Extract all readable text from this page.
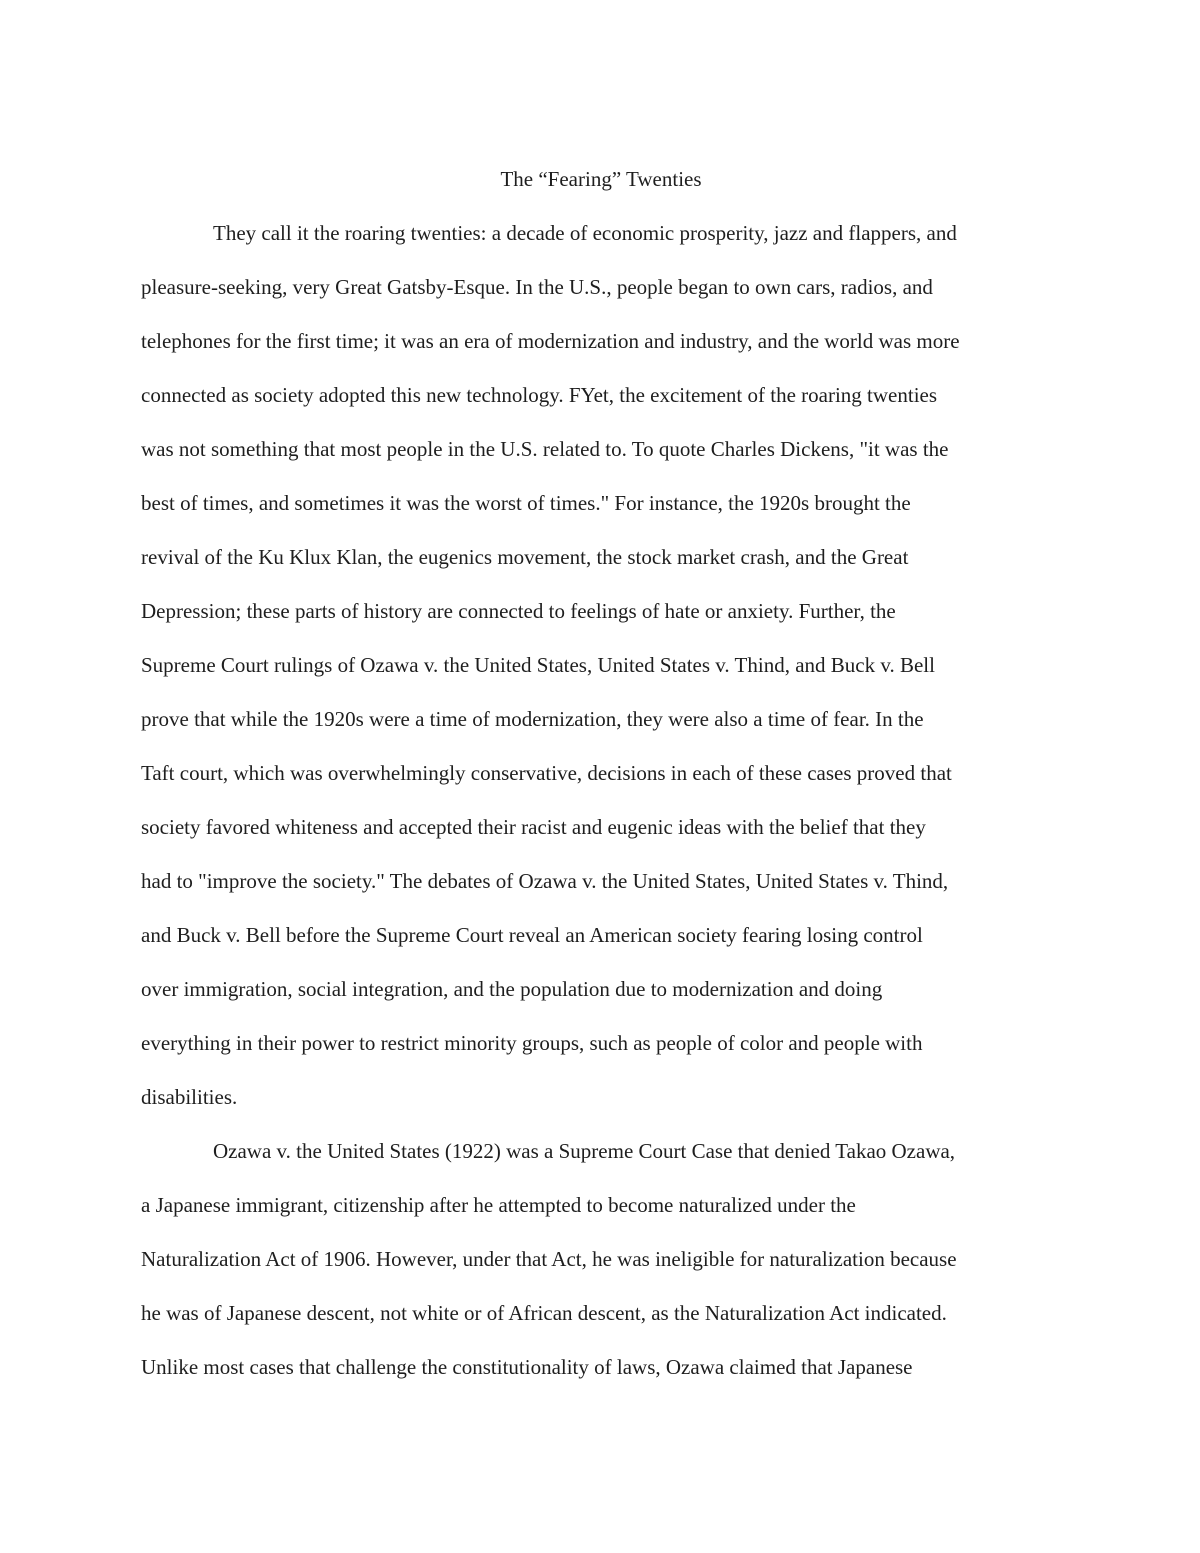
The “Fearing” Twenties
They call it the roaring twenties: a decade of economic prosperity, jazz and flappers, and
pleasure-seeking, very Great Gatsby-Esque. In the U.S., people began to own cars, radios, and
telephones for the first time; it was an era of modernization and industry, and the world was more
connected as society adopted this new technology. FYet, the excitement of the roaring twenties
was not something that most people in the U.S. related to. To quote Charles Dickens, "it was the
best of times, and sometimes it was the worst of times." For instance, the 1920s brought the
revival of the Ku Klux Klan, the eugenics movement, the stock market crash, and the Great
Depression; these parts of history are connected to feelings of hate or anxiety. Further, the
Supreme Court rulings of Ozawa v. the United States, United States v. Thind, and Buck v. Bell
prove that while the 1920s were a time of modernization, they were also a time of fear. In the
Taft court, which was overwhelmingly conservative, decisions in each of these cases proved that
society favored whiteness and accepted their racist and eugenic ideas with the belief that they
had to "improve the society." The debates of Ozawa v. the United States, United States v. Thind,
and Buck v. Bell before the Supreme Court reveal an American society fearing losing control
over immigration, social integration, and the population due to modernization and doing
everything in their power to restrict minority groups, such as people of color and people with
disabilities.
Ozawa v. the United States (1922) was a Supreme Court Case that denied Takao Ozawa,
a Japanese immigrant, citizenship after he attempted to become naturalized under the
Naturalization Act of 1906. However, under that Act, he was ineligible for naturalization because
he was of Japanese descent, not white or of African descent, as the Naturalization Act indicated.
Unlike most cases that challenge the constitutionality of laws, Ozawa claimed that Japanese
